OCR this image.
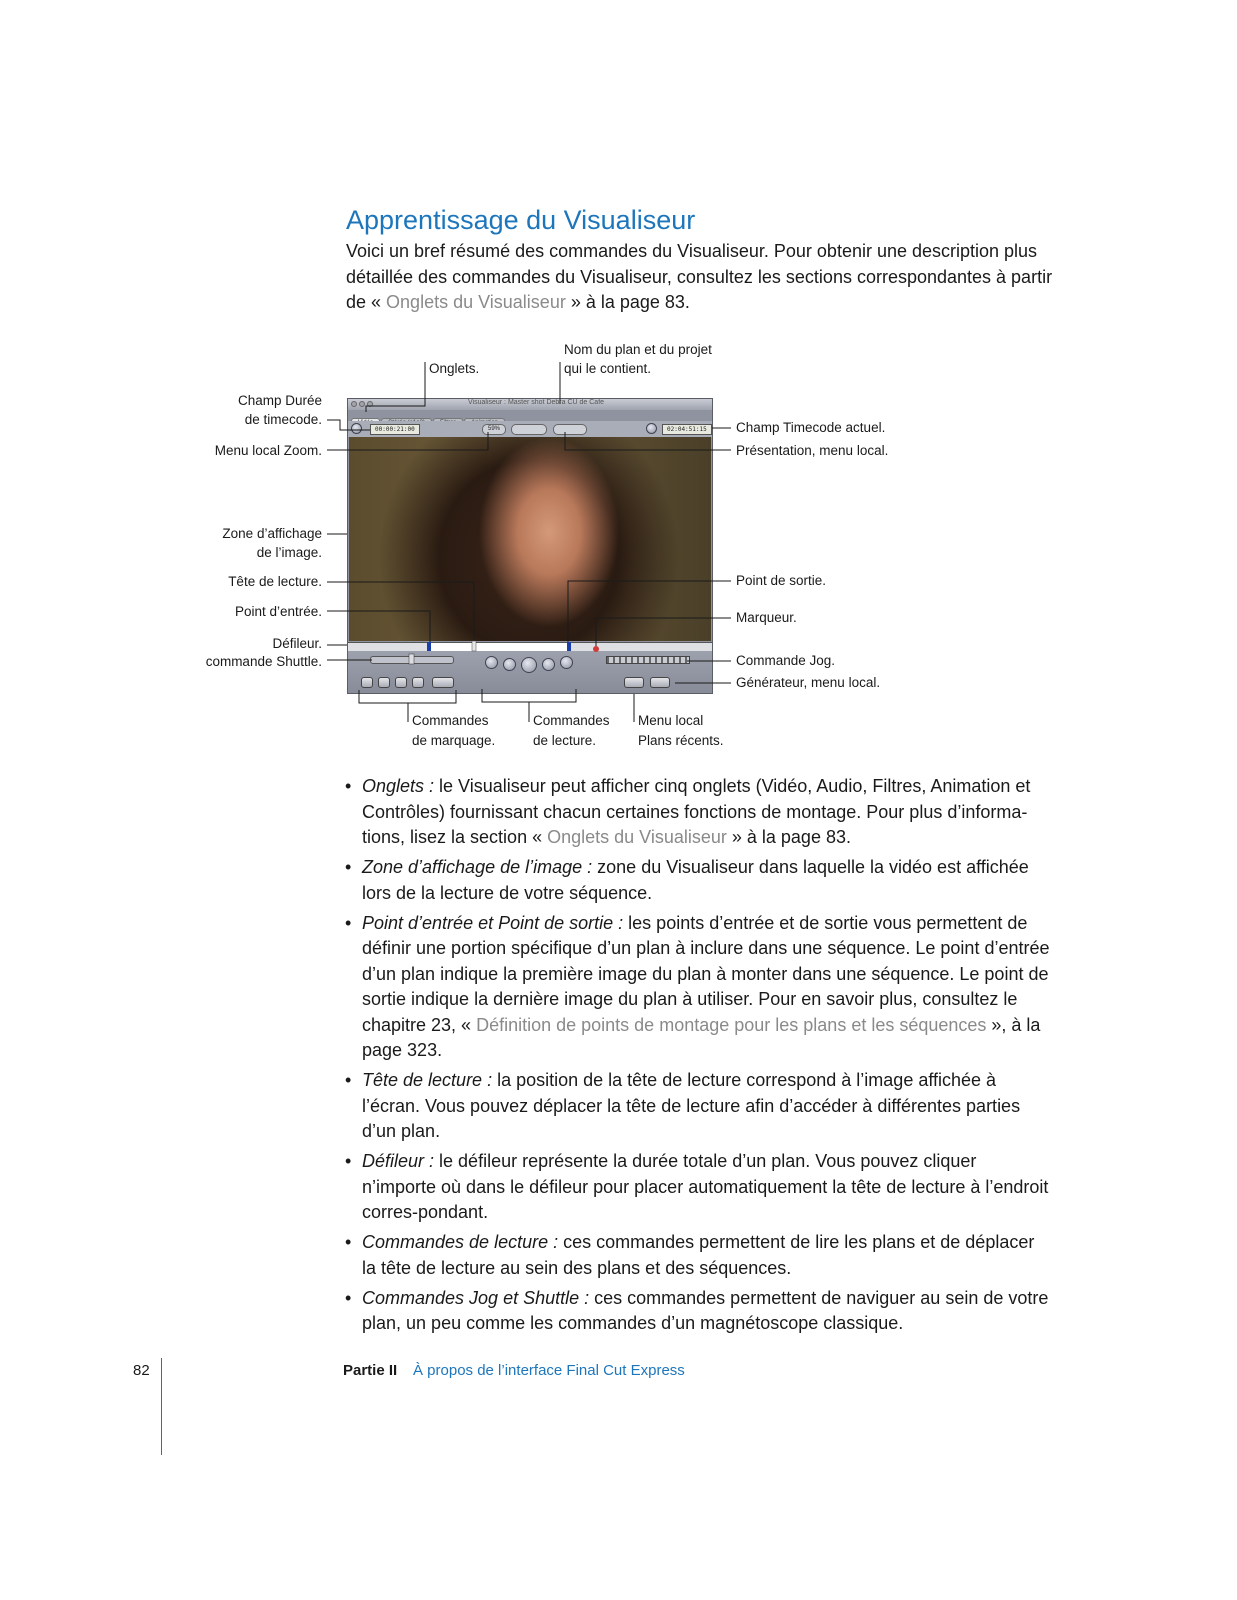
Apprentissage du Visualiseur

Voici un bref résumé des commandes du Visualiseur. Pour obtenir une description plus détaillée des commandes du Visualiseur, consultez les sections correspondantes à partir de « Onglets du Visualiseur » à la page 83.

Visualiseur : Master shot Debra CU de Cafe
00:00:21:00	59%	02:04:51:15
Onglets.
Nom du plan et du projet
qui le contient.
Champ Durée
de timecode.
Menu local Zoom.
Zone d’affichage
de l’image.
Tête de lecture.
Point d’entrée.
Défileur.
commande Shuttle.
Champ Timecode actuel.
Présentation, menu local.
Point de sortie.
Marqueur.
Commande Jog.
Générateur, menu local.
Commandes
de marquage.
Commandes
de lecture.
Menu local
Plans récents.
• Onglets : le Visualiseur peut afficher cinq onglets (Vidéo, Audio, Filtres, Animation et Contrôles) fournissant chacun certaines fonctions de montage. Pour plus d’informa-tions, lisez la section « Onglets du Visualiseur » à la page 83.
• Zone d’affichage de l’image : zone du Visualiseur dans laquelle la vidéo est affichée lors de la lecture de votre séquence.
• Point d’entrée et Point de sortie : les points d’entrée et de sortie vous permettent de définir une portion spécifique d’un plan à inclure dans une séquence. Le point d’entrée d’un plan indique la première image du plan à monter dans une séquence. Le point de sortie indique la dernière image du plan à utiliser. Pour en savoir plus, consultez le chapitre 23, « Définition de points de montage pour les plans et les séquences », à la page 323.
• Tête de lecture : la position de la tête de lecture correspond à l’image affichée à l’écran. Vous pouvez déplacer la tête de lecture afin d’accéder à différentes parties d’un plan.
• Défileur : le défileur représente la durée totale d’un plan. Vous pouvez cliquer n’importe où dans le défileur pour placer automatiquement la tête de lecture à l’endroit corres-pondant.
• Commandes de lecture : ces commandes permettent de lire les plans et de déplacer la tête de lecture au sein des plans et des séquences.
• Commandes Jog et Shuttle : ces commandes permettent de naviguer au sein de votre plan, un peu comme les commandes d’un magnétoscope classique.
82	Partie II À propos de l’interface Final Cut Express
